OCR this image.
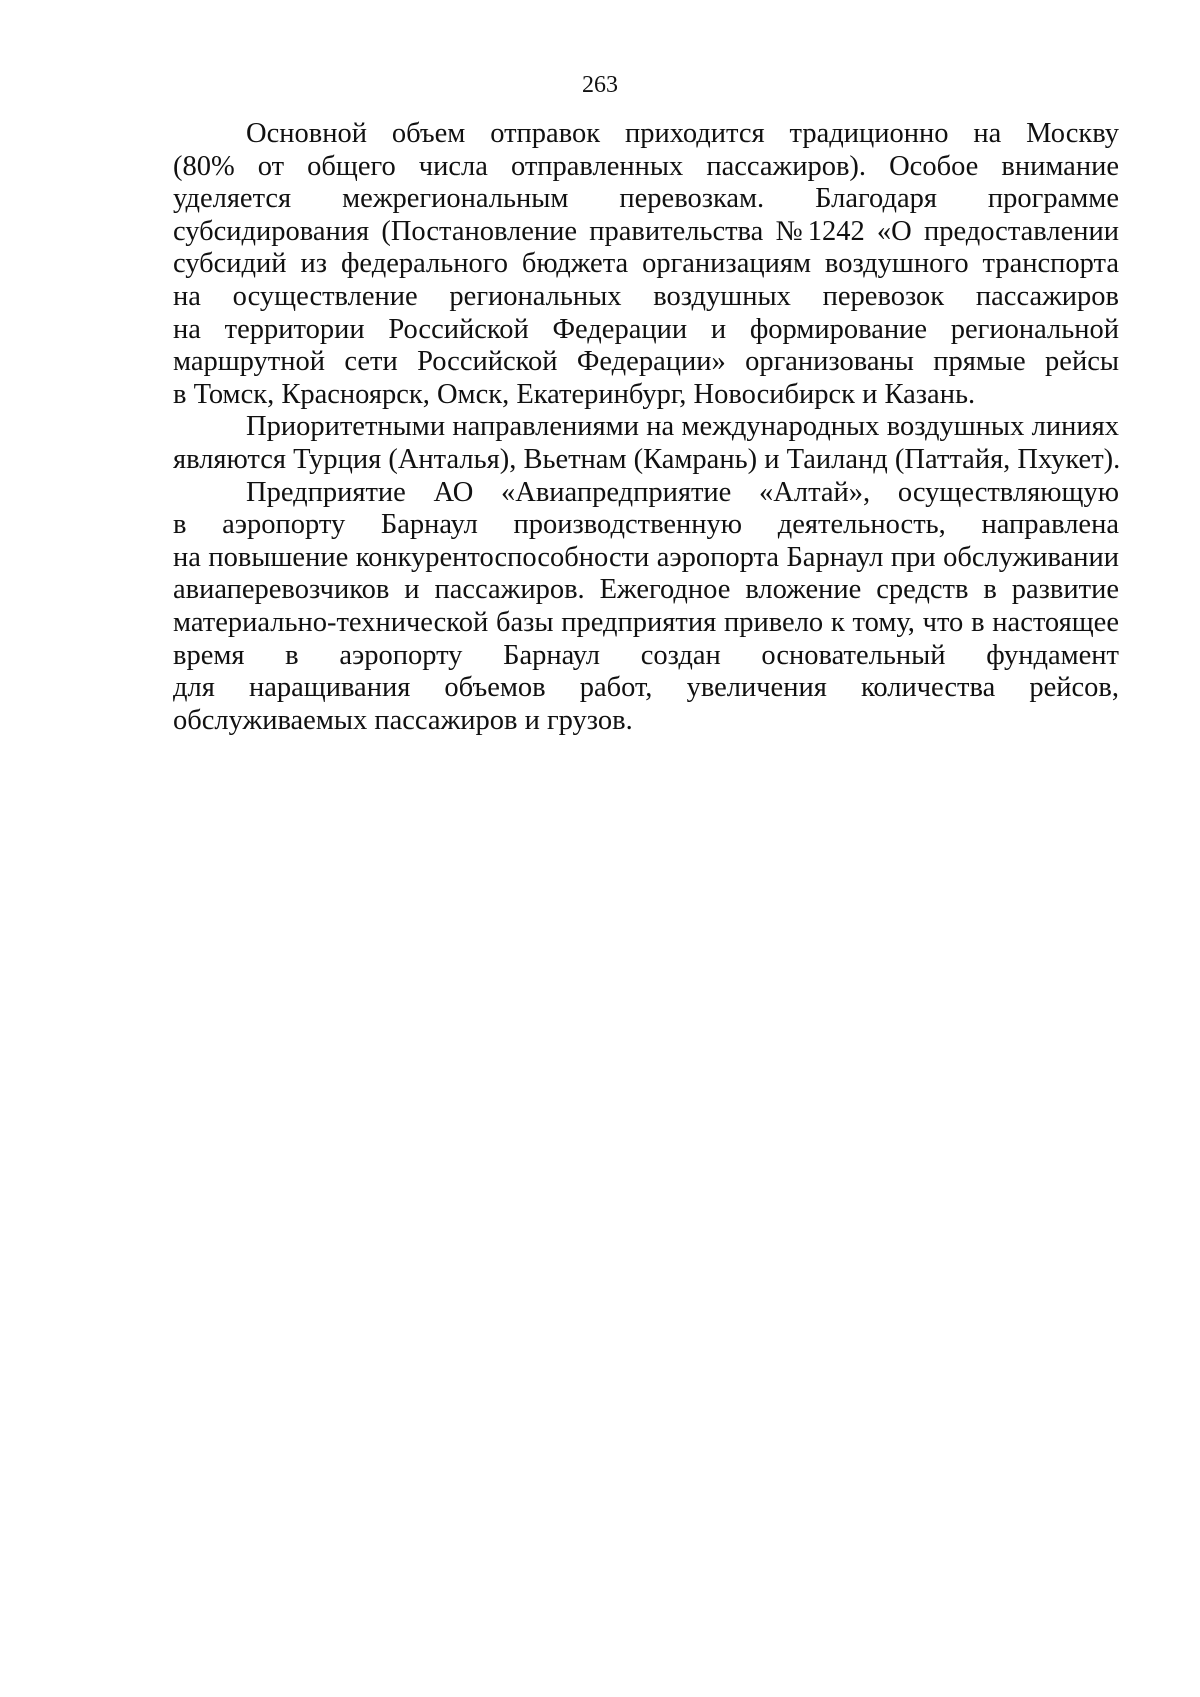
263

Основной объем отправок приходится традиционно на Москву
(80% от общего числа отправленных пассажиров). Особое внимание
уделяется межрегиональным перевозкам. Благодаря программе
субсидирования (Постановление правительства №1242 «О предоставлении
субсидий из федерального бюджета организациям воздушного транспорта
на осуществление региональных воздушных перевозок пассажиров
на территории Российской Федерации и формирование региональной
маршрутной сети Российской Федерации» организованы прямые рейсы
в Томск, Красноярск, Омск, Екатеринбург, Новосибирск и Казань.

Приоритетными направлениями на международных воздушных линиях
являются Турция (Анталья), Вьетнам (Камрань) и Таиланд (Паттайя, Пхукет).

Предприятие АО «Авиапредприятие «Алтай», осуществляющую
в аэропорту Барнаул производственную деятельность, направлена
на повышение конкурентоспособности аэропорта Барнаул при обслуживании
авиаперевозчиков и пассажиров. Ежегодное вложение средств в развитие
материально-технической базы предприятия привело к тому, что в настоящее
время в аэропорту Барнаул создан основательный фундамент
для наращивания объемов работ, увеличения количества рейсов,
обслуживаемых пассажиров и грузов.
